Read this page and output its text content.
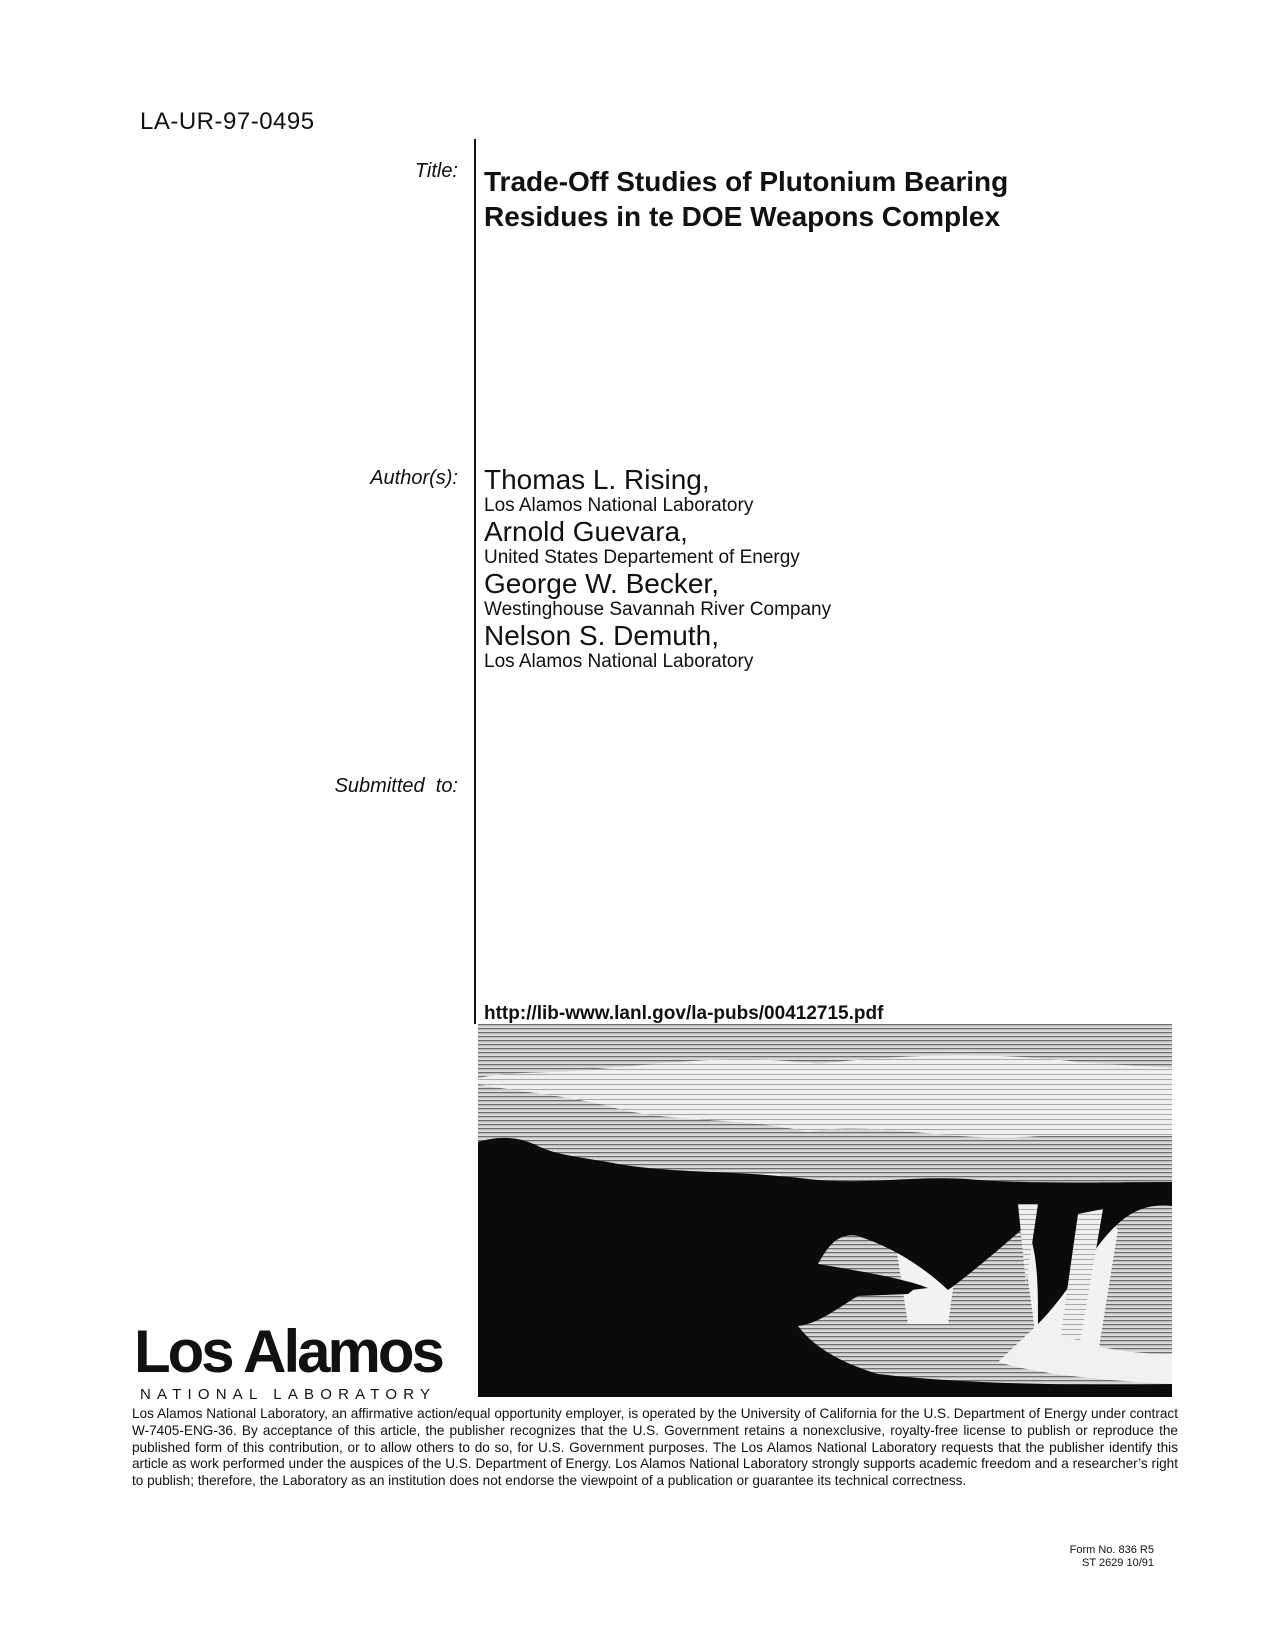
LA-UR-97-0495
Title:
Author(s):
Submitted  to:
Trade-Off Studies of Plutonium Bearing
Residues in te DOE Weapons Complex
Thomas L. Rising,
Los Alamos National Laboratory
Arnold Guevara,
United States Departement of Energy
George W. Becker,
Westinghouse Savannah River Company
Nelson S. Demuth,
Los Alamos National Laboratory
http://lib-www.lanl.gov/la-pubs/00412715.pdf
Los Alamos
NATIONAL LABORATORY
Los Alamos National Laboratory, an affirmative action/equal opportunity employer, is operated by the University of California for the U.S. Department of Energy under contract W-7405-ENG-36. By acceptance of this article, the publisher recognizes that the U.S. Government retains a nonexclusive, royalty-free license to publish or reproduce the published form of this contribution, or to allow others to do so, for U.S. Government purposes. The Los Alamos National Laboratory requests that the publisher identify this article as work performed under the auspices of the U.S. Department of Energy. Los Alamos National Laboratory strongly supports academic freedom and a researcher’s right to publish; therefore, the Laboratory as an institution does not endorse the viewpoint of a publication or guarantee its technical correctness.
Form No. 836 R5
ST 2629 10/91
